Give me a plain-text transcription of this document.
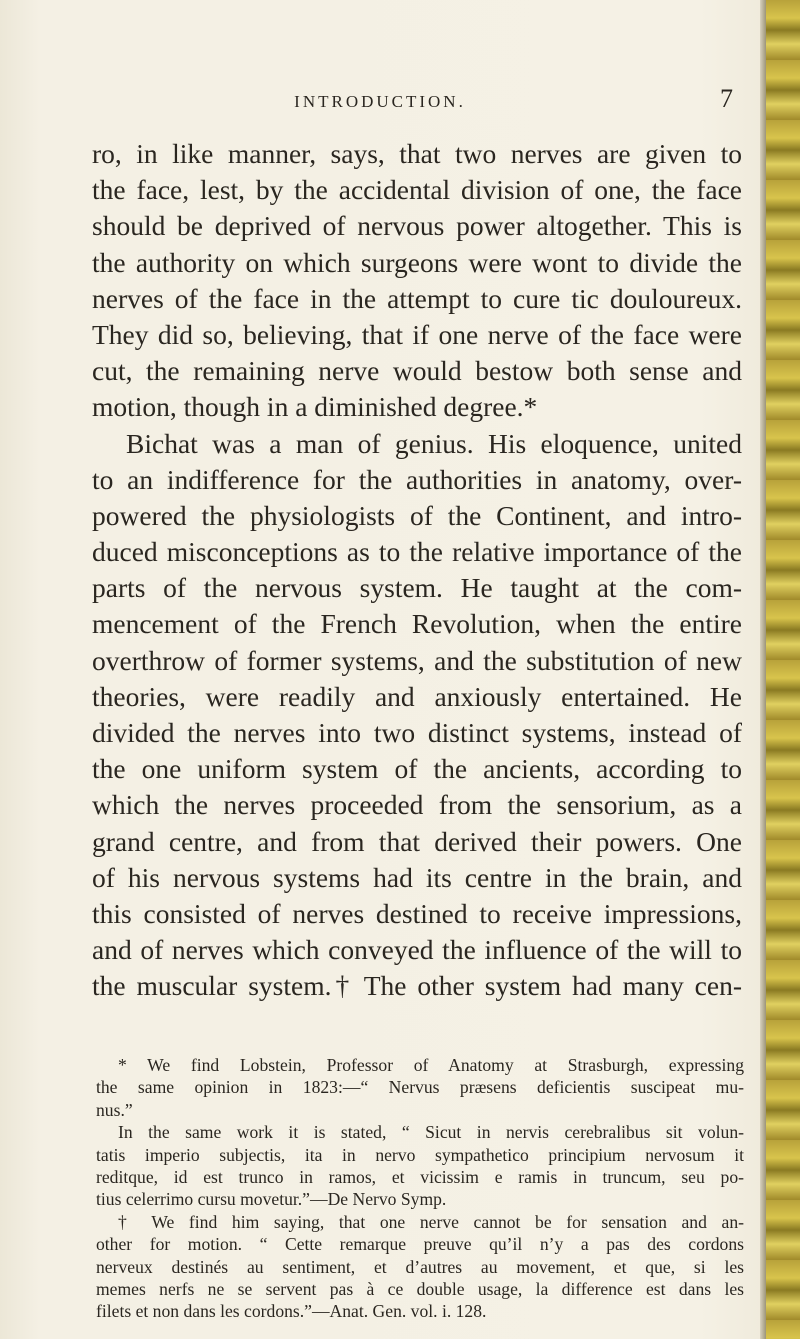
INTRODUCTION.	7
ro, in like manner, says, that two nerves are given to
the face, lest, by the accidental division of one, the face
should be deprived of nervous power altogether. This is
the authority on which surgeons were wont to divide the
nerves of the face in the attempt to cure tic douloureux.
They did so, believing, that if one nerve of the face were
cut, the remaining nerve would bestow both sense and
motion, though in a diminished degree.*
Bichat was a man of genius. His eloquence, united
to an indifference for the authorities in anatomy, over-
powered the physiologists of the Continent, and intro-
duced misconceptions as to the relative importance of the
parts of the nervous system. He taught at the com-
mencement of the French Revolution, when the entire
overthrow of former systems, and the substitution of new
theories, were readily and anxiously entertained. He
divided the nerves into two distinct systems, instead of
the one uniform system of the ancients, according to
which the nerves proceeded from the sensorium, as a
grand centre, and from that derived their powers. One
of his nervous systems had its centre in the brain, and
this consisted of nerves destined to receive impressions,
and of nerves which conveyed the influence of the will to
the muscular system.† The other system had many cen-
* We find Lobstein, Professor of Anatomy at Strasburgh, expressing
the same opinion in 1823:—“ Nervus præsens deficientis suscipeat mu-
nus.”
In the same work it is stated, “ Sicut in nervis cerebralibus sit volun-
tatis imperio subjectis, ita in nervo sympathetico principium nervosum it
reditque, id est trunco in ramos, et vicissim e ramis in truncum, seu po-
tius celerrimo cursu movetur.”—De Nervo Symp.
† We find him saying, that one nerve cannot be for sensation and an-
other for motion. “ Cette remarque preuve qu’il n’y a pas des cordons
nerveux destinés au sentiment, et d’autres au movement, et que, si les
memes nerfs ne se servent pas à ce double usage, la difference est dans les
filets et non dans les cordons.”—Anat. Gen. vol. i. 128.
